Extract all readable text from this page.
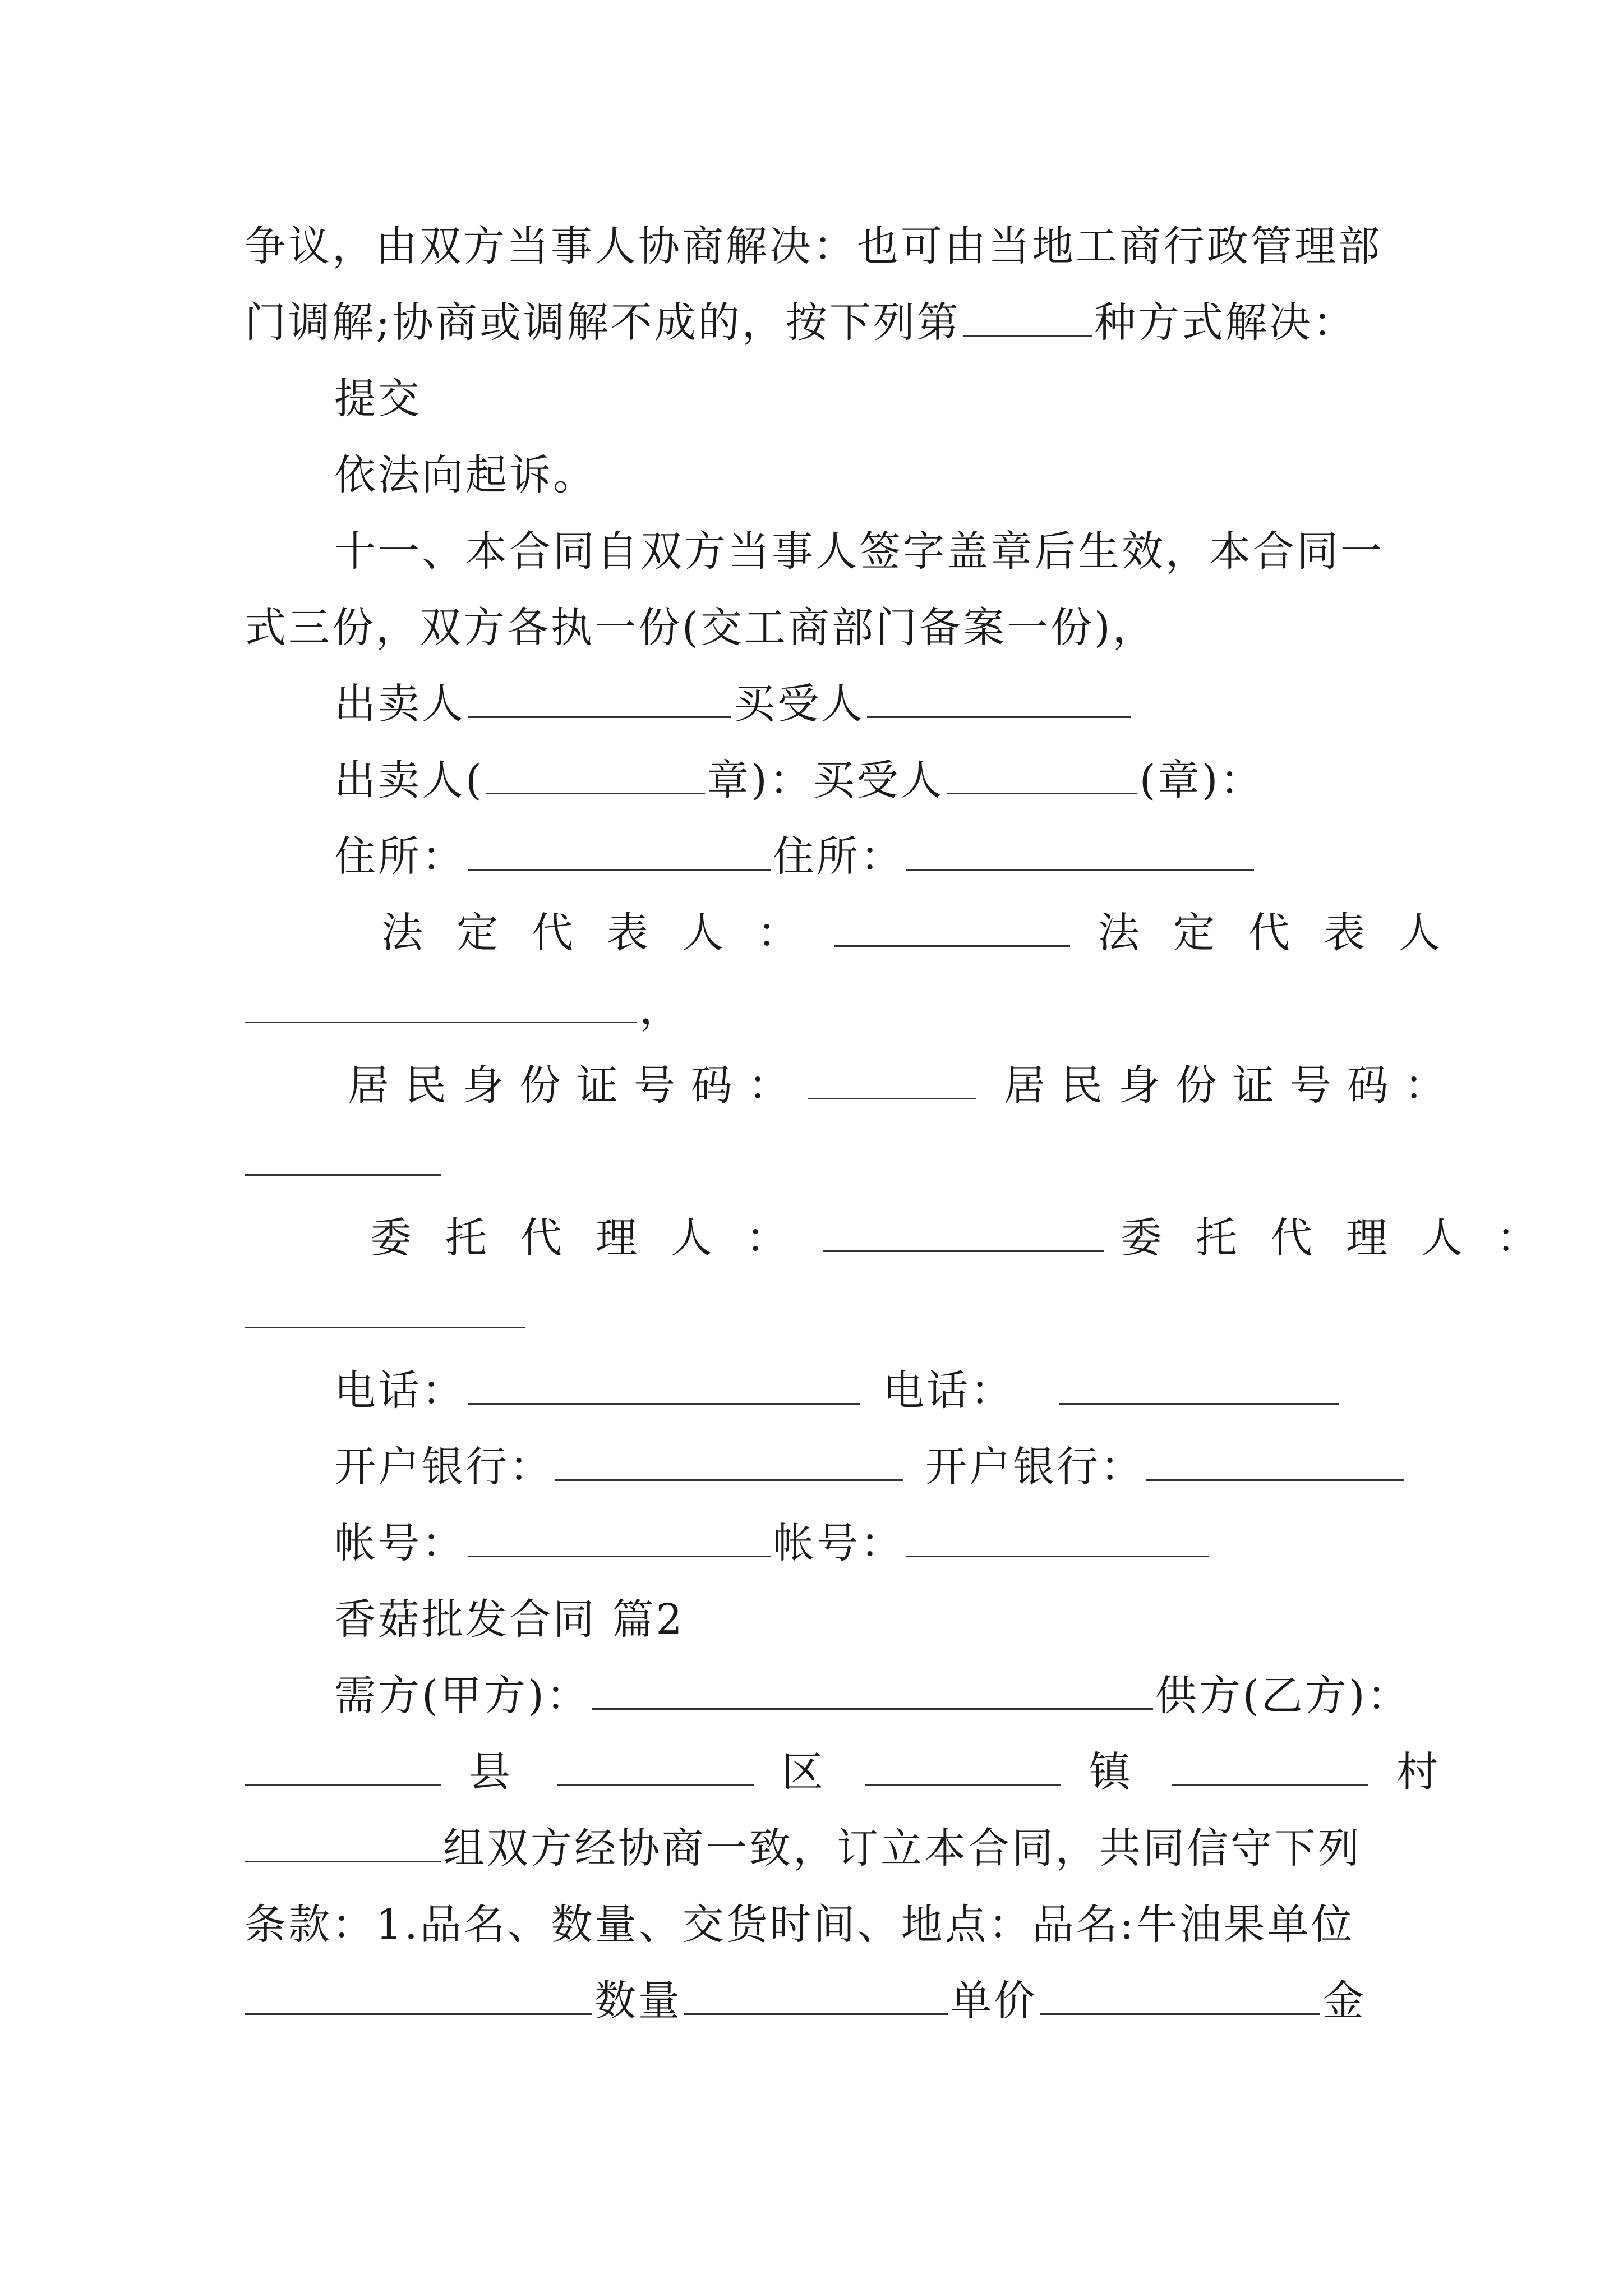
争议，由双方当事人协商解决：也可由当地工商行政管理部
门调解;协商或调解不成的，按下列第	种方式解决：
提交
依法向起诉。
十一、本合同自双方当事人签字盖章后生效，本合同一
式三份，双方各执一份(交工商部门备案一份)，
出卖人	买受人
出卖人(	章)：买受人	(章)：
住所：	住所：
法定代表人：	法定代表人
，
居民身份证号码：	居民身份证号码：
委托代理人：	委托代理人：
电话：	电话：
开户银行：	开户银行：
帐号：	帐号：
香菇批发合同 篇2
需方(甲方)：	供方(乙方)：
县	区	镇	村
组双方经协商一致，订立本合同，共同信守下列
条款：1.品名、数量、交货时间、地点：品名:牛油果单位
数量	单价	金
